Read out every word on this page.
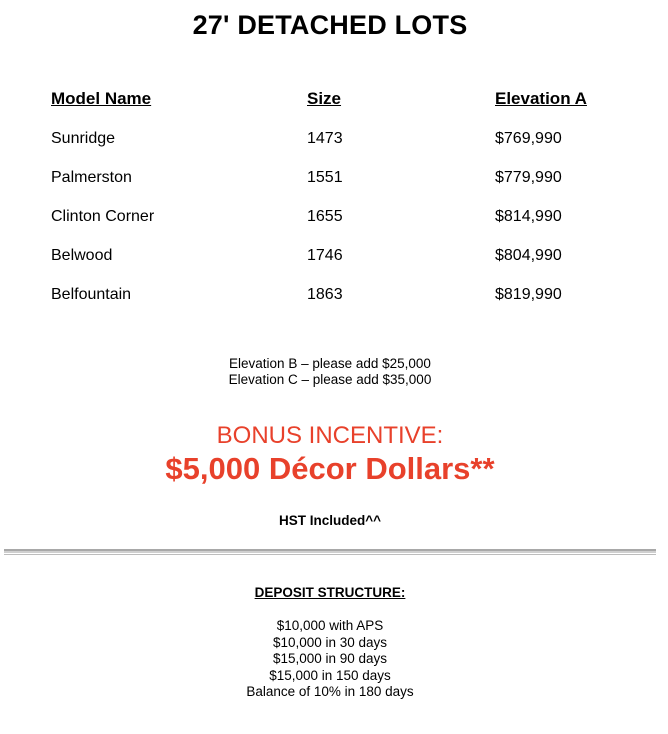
27' DETACHED LOTS
Model Name	Size	Elevation A
Sunridge	1473	$769,990
Palmerston	1551	$779,990
Clinton Corner	1655	$814,990
Belwood	1746	$804,990
Belfountain	1863	$819,990
Elevation B – please add $25,000
Elevation C – please add $35,000
BONUS INCENTIVE:
$5,000 Décor Dollars**
HST Included^^
DEPOSIT STRUCTURE:
$10,000 with APS
$10,000 in 30 days
$15,000 in 90 days
$15,000 in 150 days
Balance of 10% in 180 days
